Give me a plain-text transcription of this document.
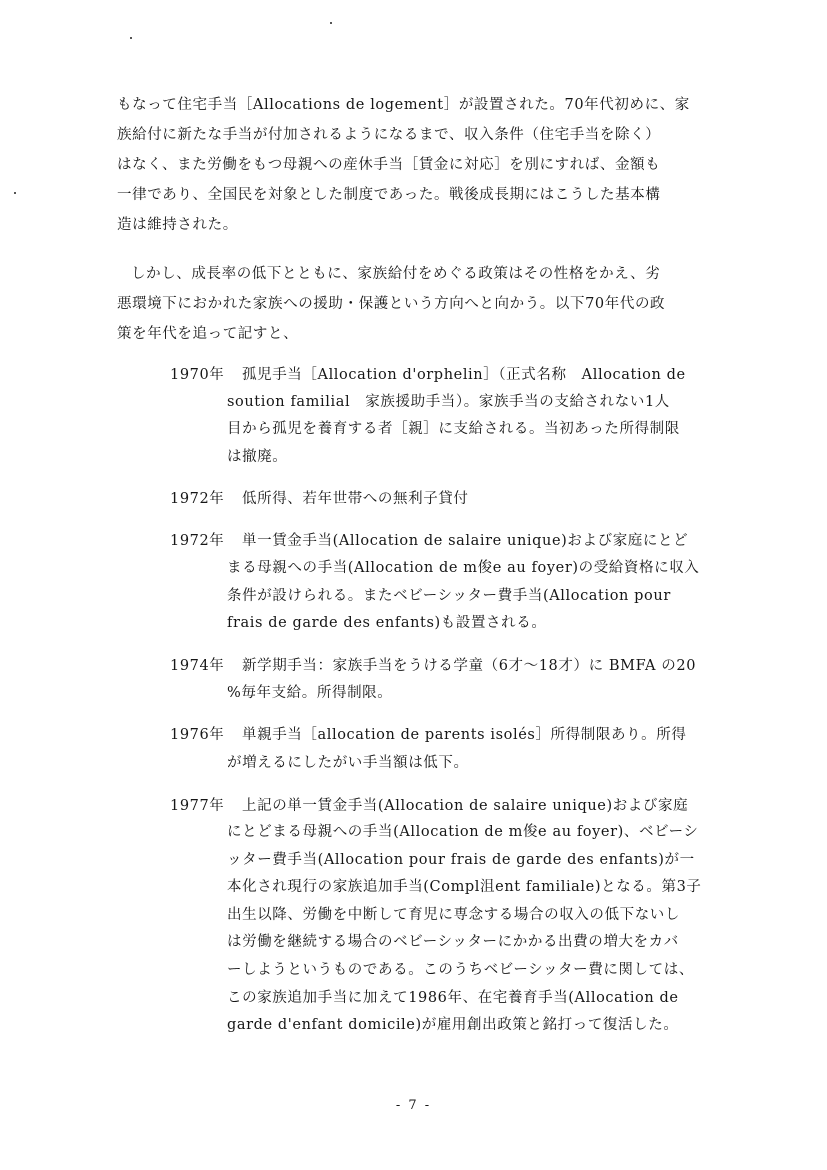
もなって住宅手当［Allocations de logement］が設置された。70年代初めに、家
族給付に新たな手当が付加されるようになるまで、収入条件（住宅手当を除く）
はなく、また労働をもつ母親への産休手当［賃金に対応］を別にすれば、金額も
一律であり、全国民を対象とした制度であった。戦後成長期にはこうした基本構
造は維持された。
しかし、成長率の低下とともに、家族給付をめぐる政策はその性格をかえ、劣
悪環境下におかれた家族への援助・保護という方向へと向かう。以下70年代の政
策を年代を追って記すと、
1970年 孤児手当［Allocation d'orphelin］（正式名称　Allocation de
soution familial　家族援助手当）。家族手当の支給されない1人
目から孤児を養育する者［親］に支給される。当初あった所得制限
は撤廃。
1972年 低所得、若年世帯への無利子貸付
1972年 単一賃金手当(Allocation de salaire unique)および家庭にとど
まる母親への手当(Allocation de m俊e au foyer)の受給資格に収入
条件が設けられる。またベビーシッター費手当(Allocation pour
frais de garde des enfants)も設置される。
1974年 新学期手当：家族手当をうける学童（6才～18才）に BMFA の20
%毎年支給。所得制限。
1976年 単親手当［allocation de parents isolés］所得制限あり。所得
が増えるにしたがい手当額は低下。
1977年 上記の単一賃金手当(Allocation de salaire unique)および家庭
にとどまる母親への手当(Allocation de m俊e au foyer)、ベビーシ
ッター費手当(Allocation pour frais de garde des enfants)が一
本化され現行の家族追加手当(Compl沮ent familiale)となる。第3子
出生以降、労働を中断して育児に専念する場合の収入の低下ないし
は労働を継続する場合のベビーシッターにかかる出費の増大をカバ
ーしようというものである。このうちベビーシッター費に関しては、
この家族追加手当に加えて1986年、在宅養育手当(Allocation de
garde d'enfant domicile)が雇用創出政策と銘打って復活した。
- 7 -
